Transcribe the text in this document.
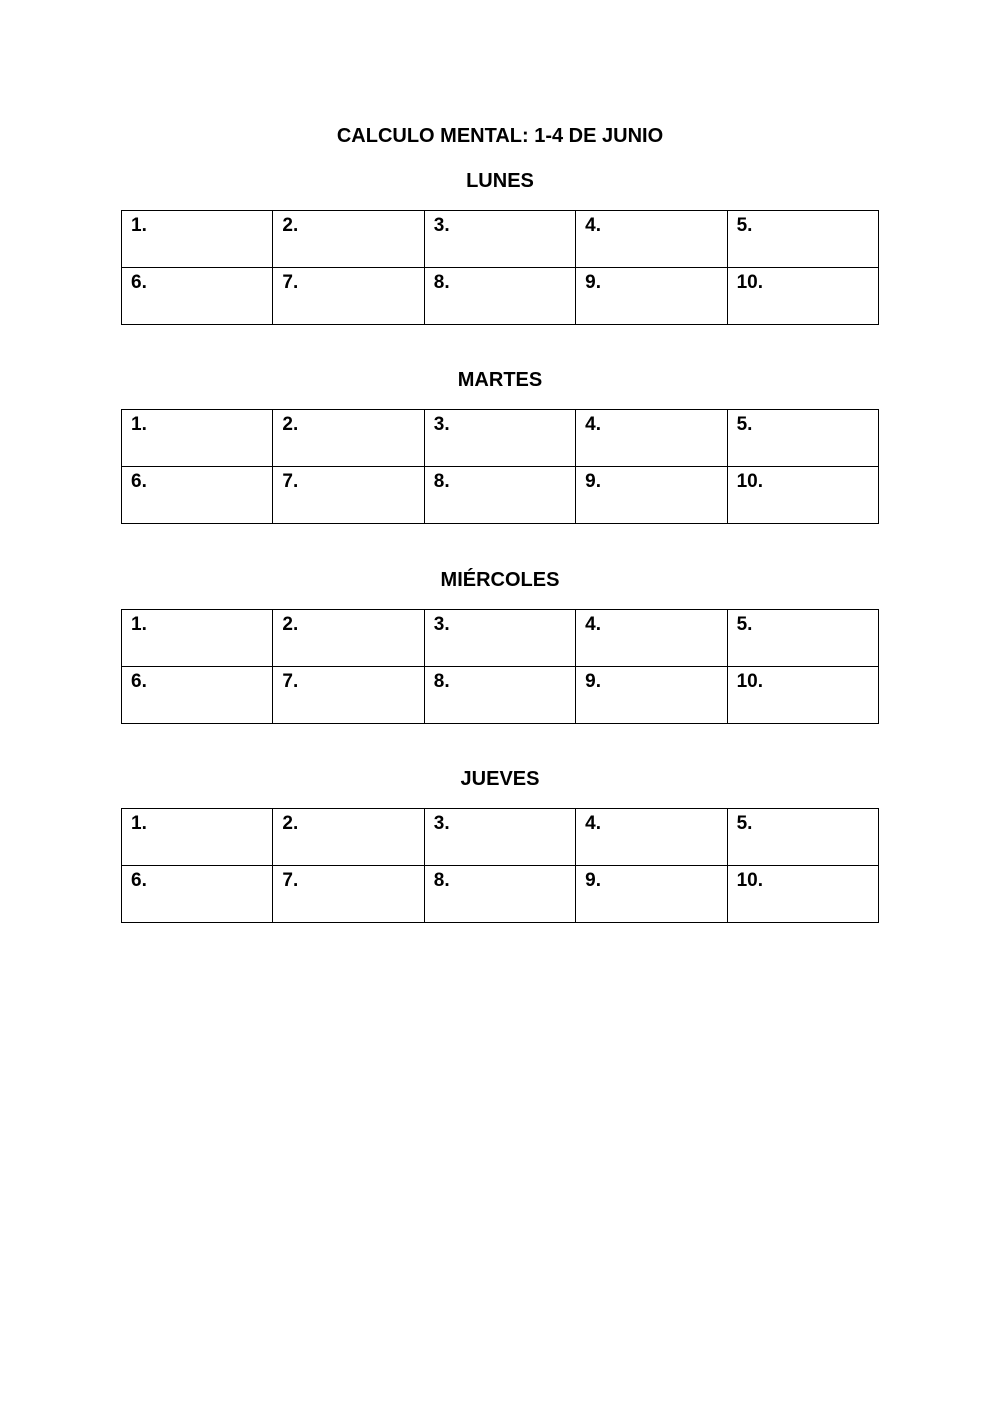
CALCULO MENTAL: 1-4 DE JUNIO
LUNES
1.	2.	3.	4.	5.

6.	7.	8.	9.	10.
MARTES
1.	2.	3.	4.	5.

6.	7.	8.	9.	10.
MIÉRCOLES
1.	2.	3.	4.	5.

6.	7.	8.	9.	10.
JUEVES
1.	2.	3.	4.	5.

6.	7.	8.	9.	10.
